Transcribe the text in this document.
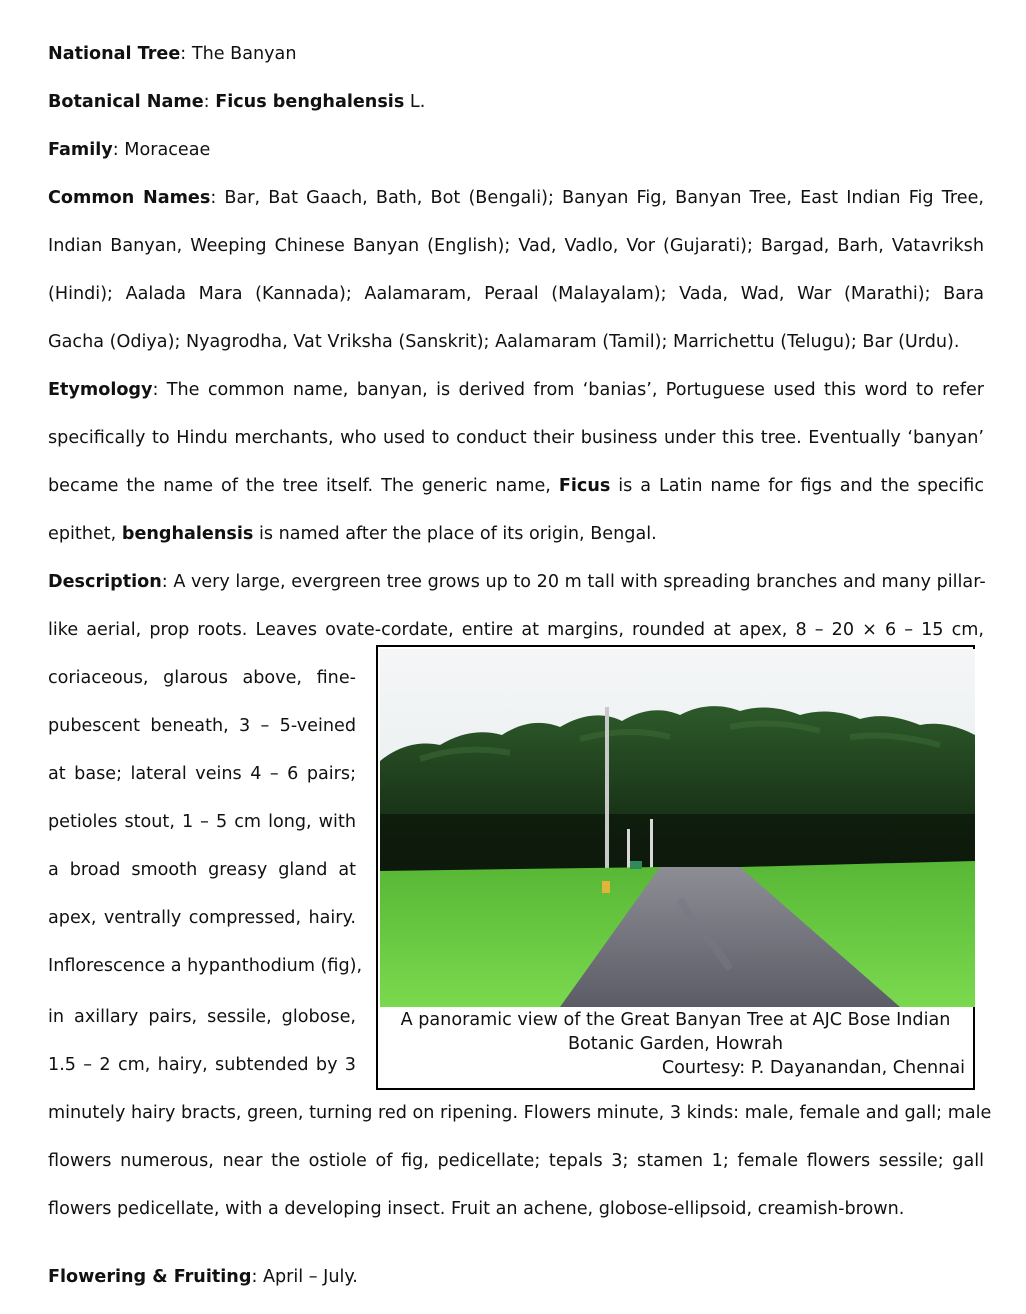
National Tree: The Banyan
Botanical Name: Ficus benghalensis L.
Family: Moraceae
Common Names: Bar, Bat Gaach, Bath, Bot (Bengali); Banyan Fig, Banyan Tree, East Indian Fig Tree,
Indian Banyan, Weeping Chinese Banyan (English); Vad, Vadlo, Vor (Gujarati); Bargad, Barh, Vatavriksh
(Hindi); Aalada Mara (Kannada); Aalamaram, Peraal (Malayalam); Vada, Wad, War (Marathi); Bara
Gacha (Odiya); Nyagrodha, Vat Vriksha (Sanskrit); Aalamaram (Tamil); Marrichettu (Telugu); Bar (Urdu).
Etymology: The common name, banyan, is derived from ‘banias’, Portuguese used this word to refer
specifically to Hindu merchants, who used to conduct their business under this tree. Eventually ‘banyan’
became the name of the tree itself. The generic name, Ficus is a Latin name for figs and the specific
epithet, benghalensis is named after the place of its origin, Bengal.
Description: A very large, evergreen tree grows up to 20 m tall with spreading branches and many pillar-
like aerial, prop roots. Leaves ovate-cordate, entire at margins, rounded at apex, 8 – 20 × 6 – 15 cm,
coriaceous, glarous above, fine-
pubescent beneath, 3 – 5-veined
at base; lateral veins 4 – 6 pairs;
petioles stout, 1 – 5 cm long, with
a broad smooth greasy gland at
apex, ventrally compressed, hairy.
Inflorescence a hypanthodium (fig),
in axillary pairs, sessile, globose,
1.5 – 2 cm, hairy, subtended by 3
minutely hairy bracts, green, turning red on ripening. Flowers minute, 3 kinds: male, female and gall; male
flowers numerous, near the ostiole of fig, pedicellate; tepals 3; stamen 1; female flowers sessile; gall
flowers pedicellate, with a developing insect. Fruit an achene, globose-ellipsoid, creamish-brown.
Flowering & Fruiting: April – July.
A panoramic view of the Great Banyan Tree at AJC Bose Indian
Botanic Garden, Howrah
Courtesy: P. Dayanandan, Chennai
